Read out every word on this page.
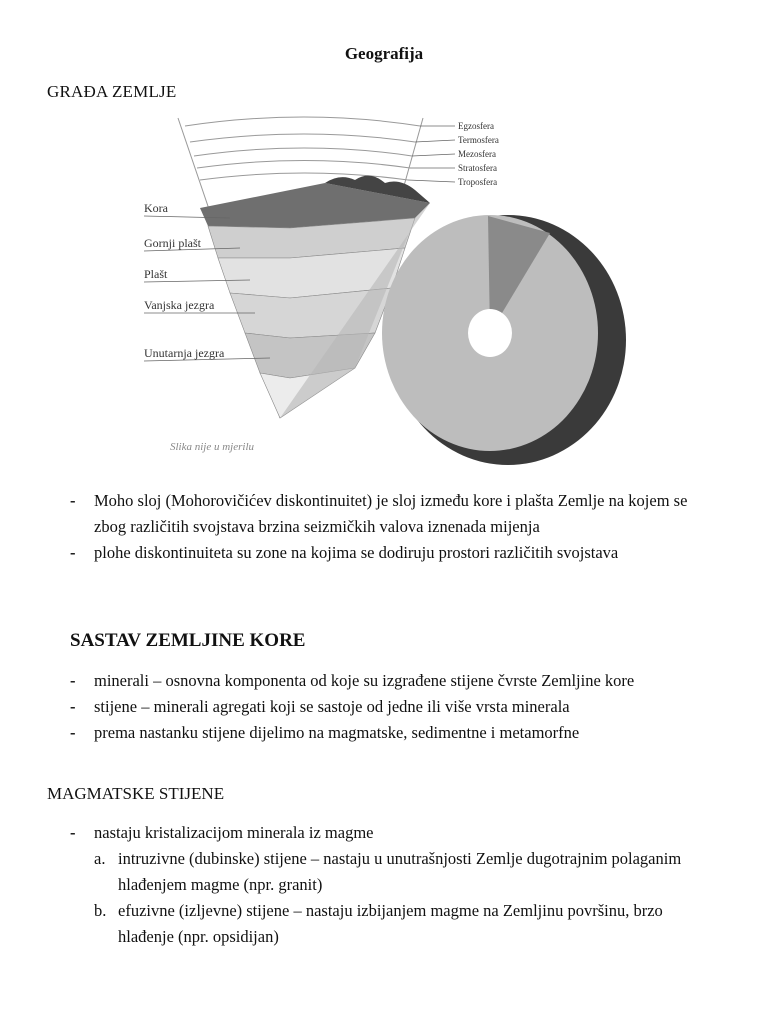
Geografija
GRAĐA ZEMLJE
Egzosfera
Termosfera
Mezosfera
Stratosfera
Troposfera
Kora
Gornji plašt
Plašt
Vanjska jezgra
Unutarnja jezgra
Slika nije u mjerilu
- Moho sloj (Mohorovičićev diskontinuitet) je sloj između kore i plašta Zemlje na kojem se zbog različitih svojstava brzina seizmičkih valova iznenada mijenja
- plohe diskontinuiteta su zone na kojima se dodiruju prostori različitih svojstava
SASTAV ZEMLJINE KORE
- minerali – osnovna komponenta od koje su izgrađene stijene čvrste Zemljine kore
- stijene – minerali agregati koji se sastoje od jedne ili više vrsta minerala
- prema nastanku stijene dijelimo na magmatske, sedimentne i metamorfne
MAGMATSKE STIJENE
- nastaju kristalizacijom minerala iz magme
a. intruzivne (dubinske) stijene – nastaju u unutrašnjosti Zemlje dugotrajnim polaganim hlađenjem magme (npr. granit)
b. efuzivne (izljevne) stijene – nastaju izbijanjem magme na Zemljinu površinu, brzo hlađenje (npr. opsidijan)
